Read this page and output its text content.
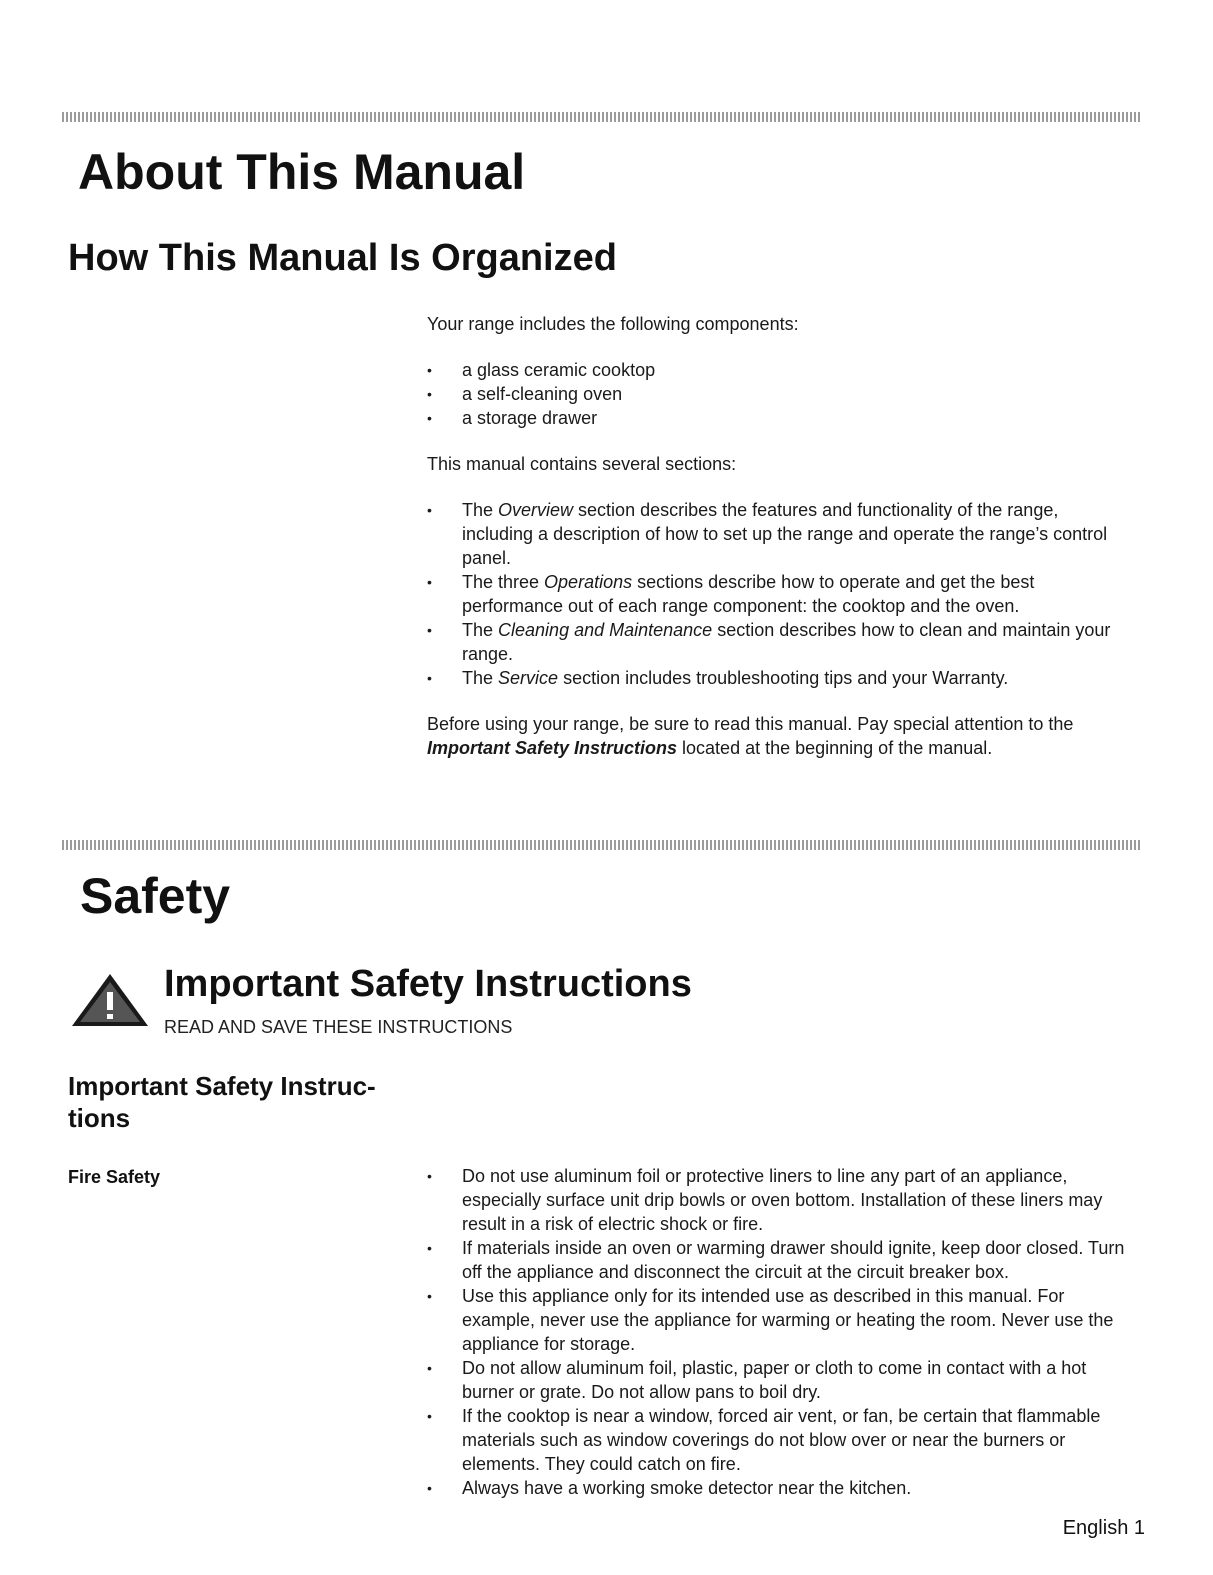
About This Manual
How This Manual Is Organized

Your range includes the following components:

• a glass ceramic cooktop
• a self-cleaning oven
• a storage drawer

This manual contains several sections:

• The Overview section describes the features and functionality of the range, including a description of how to set up the range and operate the range’s control panel.
• The three Operations sections describe how to operate and get the best performance out of each range component: the cooktop and the oven.
• The Cleaning and Maintenance section describes how to clean and maintain your range.
• The Service section includes troubleshooting tips and your Warranty.

Before using your range, be sure to read this manual. Pay special attention to the Important Safety Instructions located at the beginning of the manual.

Safety
Important Safety Instructions
READ AND SAVE THESE INSTRUCTIONS
Important Safety Instruc-tions
Fire Safety
•	Do not use aluminum foil or protective liners to line any part of an appliance, especially surface unit drip bowls or oven bottom. Installation of these liners may result in a risk of electric shock or fire.
• If materials inside an oven or warming drawer should ignite, keep door closed. Turn off the appliance and disconnect the circuit at the circuit breaker box.
• Use this appliance only for its intended use as described in this manual. For example, never use the appliance for warming or heating the room. Never use the appliance for storage.
• Do not allow aluminum foil, plastic, paper or cloth to come in contact with a hot burner or grate. Do not allow pans to boil dry.
• If the cooktop is near a window, forced air vent, or fan, be certain that flammable materials such as window coverings do not blow over or near the burners or elements. They could catch on fire.
• Always have a working smoke detector near the kitchen.
English 1
